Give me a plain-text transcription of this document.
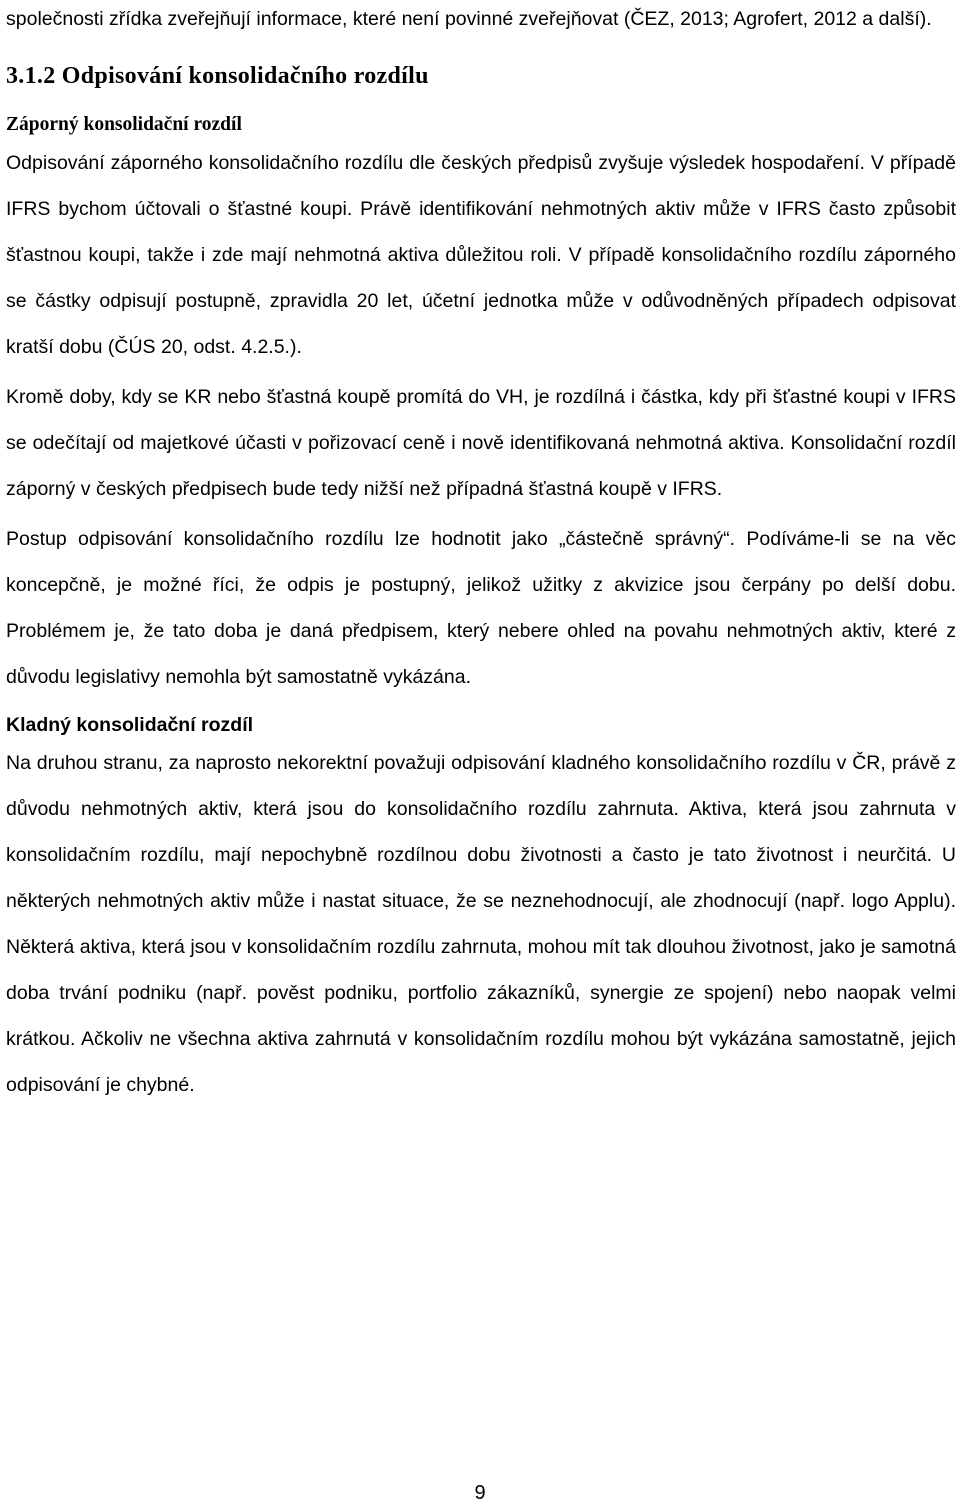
společnosti zřídka zveřejňují informace, které není povinné zveřejňovat (ČEZ, 2013; Agrofert, 2012 a další).

3.1.2 Odpisování konsolidačního rozdílu
Záporný konsolidační rozdíl

Odpisování záporného konsolidačního rozdílu dle českých předpisů zvyšuje výsledek hospodaření. V případě IFRS bychom účtovali o šťastné koupi. Právě identifikování nehmotných aktiv může v IFRS často způsobit šťastnou koupi, takže i zde mají nehmotná aktiva důležitou roli. V případě konsolidačního rozdílu záporného se částky odpisují postupně, zpravidla 20 let, účetní jednotka může v odůvodněných případech odpisovat kratší dobu (ČÚS 20, odst. 4.2.5.).

Kromě doby, kdy se KR nebo šťastná koupě promítá do VH, je rozdílná i částka, kdy při šťastné koupi v IFRS se odečítají od majetkové účasti v pořizovací ceně i nově identifikovaná nehmotná aktiva. Konsolidační rozdíl záporný v českých předpisech bude tedy nižší než případná šťastná koupě v IFRS.

Postup odpisování konsolidačního rozdílu lze hodnotit jako „částečně správný“. Podíváme-li se na věc koncepčně, je možné říci, že odpis je postupný, jelikož užitky z akvizice jsou čerpány po delší dobu. Problémem je, že tato doba je daná předpisem, který nebere ohled na povahu nehmotných aktiv, které z důvodu legislativy nemohla být samostatně vykázána.

Kladný konsolidační rozdíl

Na druhou stranu, za naprosto nekorektní považuji odpisování kladného konsolidačního rozdílu v ČR, právě z důvodu nehmotných aktiv, která jsou do konsolidačního rozdílu zahrnuta. Aktiva, která jsou zahrnuta v konsolidačním rozdílu, mají nepochybně rozdílnou dobu životnosti a často je tato životnost i neurčitá. U některých nehmotných aktiv může i nastat situace, že se neznehodnocují, ale zhodnocují (např. logo Applu). Některá aktiva, která jsou v konsolidačním rozdílu zahrnuta, mohou mít tak dlouhou životnost, jako je samotná doba trvání podniku (např. pověst podniku, portfolio zákazníků, synergie ze spojení) nebo naopak velmi krátkou. Ačkoliv ne všechna aktiva zahrnutá v konsolidačním rozdílu mohou být vykázána samostatně, jejich odpisování je chybné.

9
